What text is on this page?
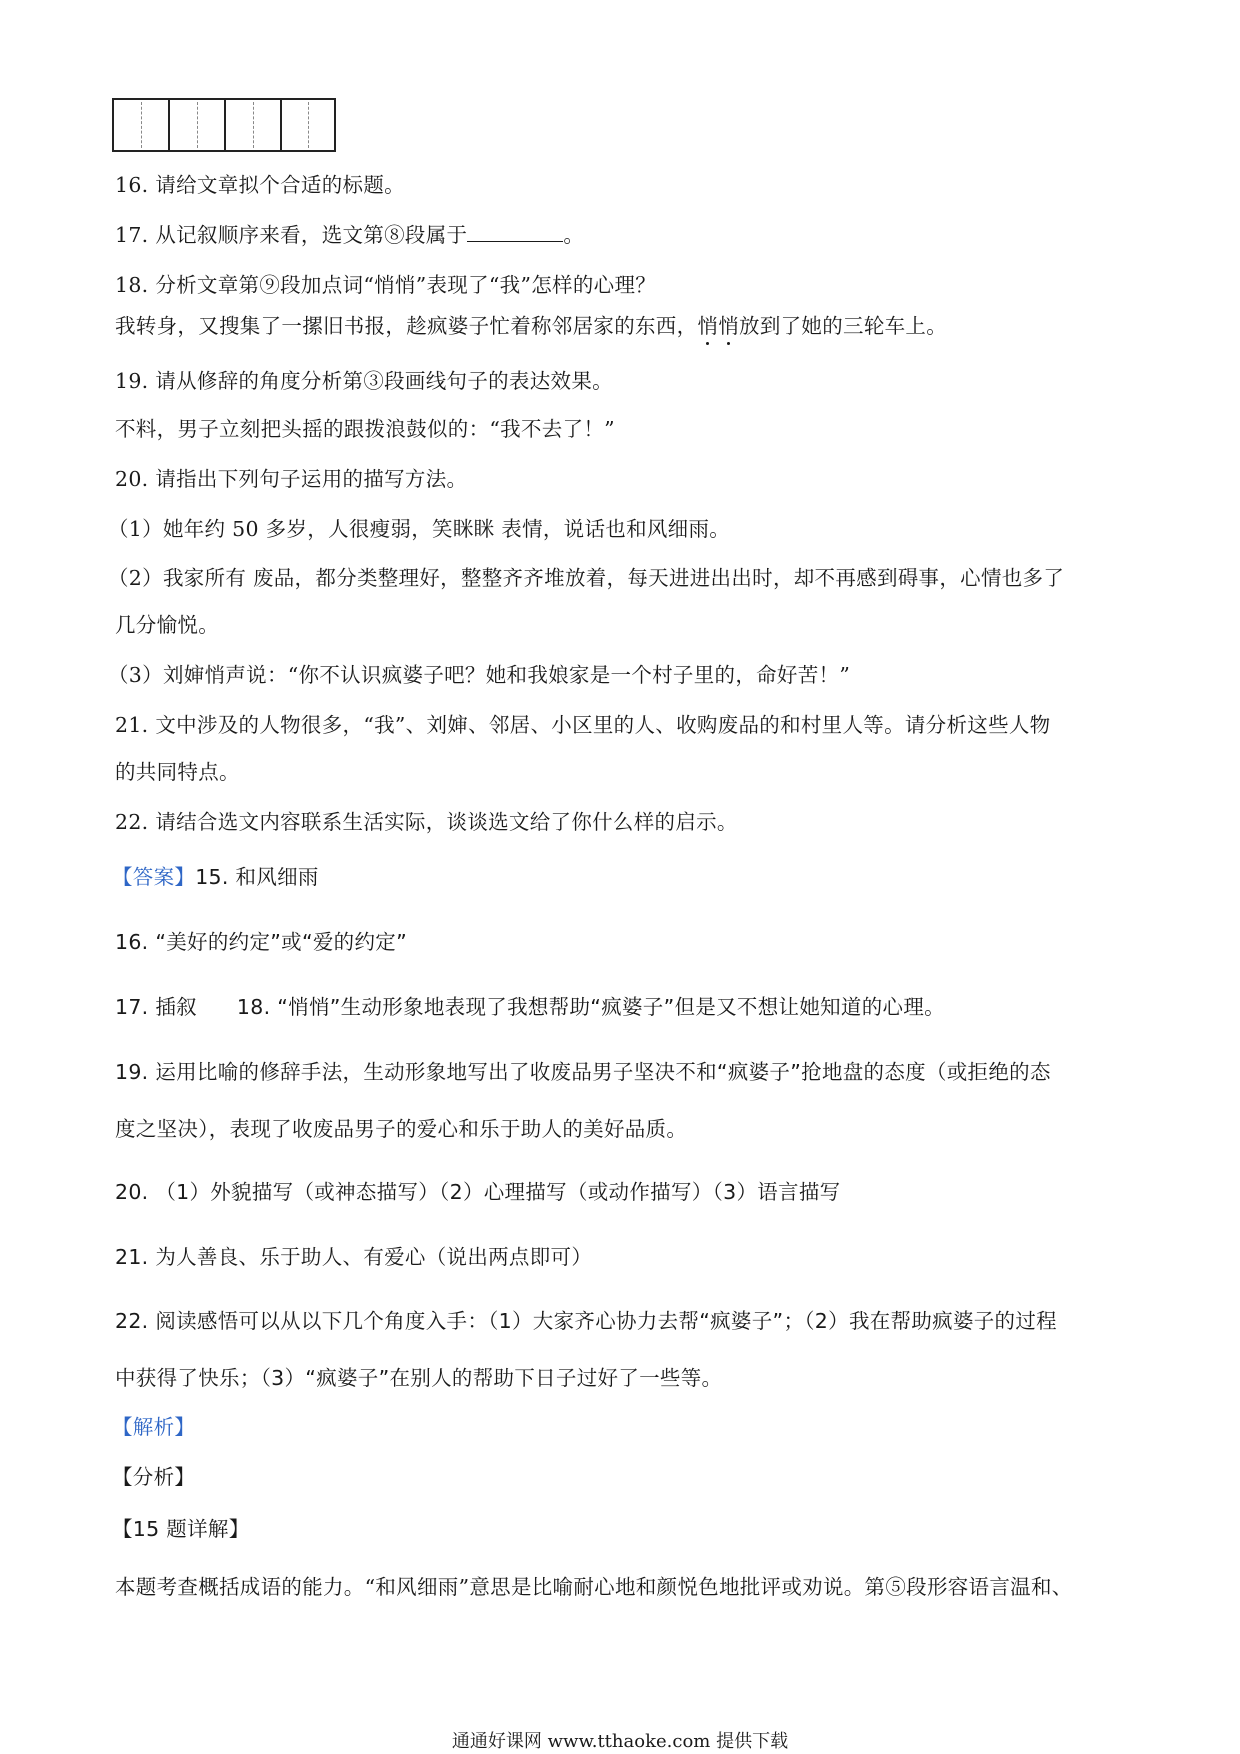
16. 请给文章拟个合适的标题。
17. 从记叙顺序来看，选文第⑧段属于	。
18. 分析文章第⑨段加点词“悄悄”表现了“我”怎样的心理？
我转身，又搜集了一摞旧书报，趁疯婆子忙着称邻居家的东西，悄悄放到了她的三轮车上。
19. 请从修辞的角度分析第③段画线句子的表达效果。
不料，男子立刻把头摇的跟拨浪鼓似的：“我不去了！”
20. 请指出下列句子运用的描写方法。
（1）她年约 50 多岁，人很瘦弱，笑眯眯 表情，说话也和风细雨。
（2）我家所有 废品，都分类整理好，整整齐齐堆放着，每天进进出出时，却不再感到碍事，心情也多了
几分愉悦。
（3）刘婶悄声说：“你不认识疯婆子吧？她和我娘家是一个村子里的，命好苦！”
21. 文中涉及的人物很多，“我”、刘婶、邻居、小区里的人、收购废品的和村里人等。请分析这些人物
的共同特点。
22. 请结合选文内容联系生活实际，谈谈选文给了你什么样的启示。
【答案】15. 和风细雨
16. “美好的约定”或“爱的约定”
17. 插叙 18. “悄悄”生动形象地表现了我想帮助“疯婆子”但是又不想让她知道的心理。
19. 运用比喻的修辞手法，生动形象地写出了收废品男子坚决不和“疯婆子”抢地盘的态度（或拒绝的态
度之坚决），表现了收废品男子的爱心和乐于助人的美好品质。
20. （1）外貌描写（或神态描写）（2）心理描写（或动作描写）（3）语言描写
21. 为人善良、乐于助人、有爱心（说出两点即可）
22. 阅读感悟可以从以下几个角度入手：（1）大家齐心协力去帮“疯婆子”；（2）我在帮助疯婆子的过程
中获得了快乐；（3）“疯婆子”在别人的帮助下日子过好了一些等。
【解析】
【分析】
【15 题详解】
本题考查概括成语的能力。“和风细雨”意思是比喻耐心地和颜悦色地批评或劝说。第⑤段形容语言温和、
通通好课网 www.tthaoke.com 提供下载
